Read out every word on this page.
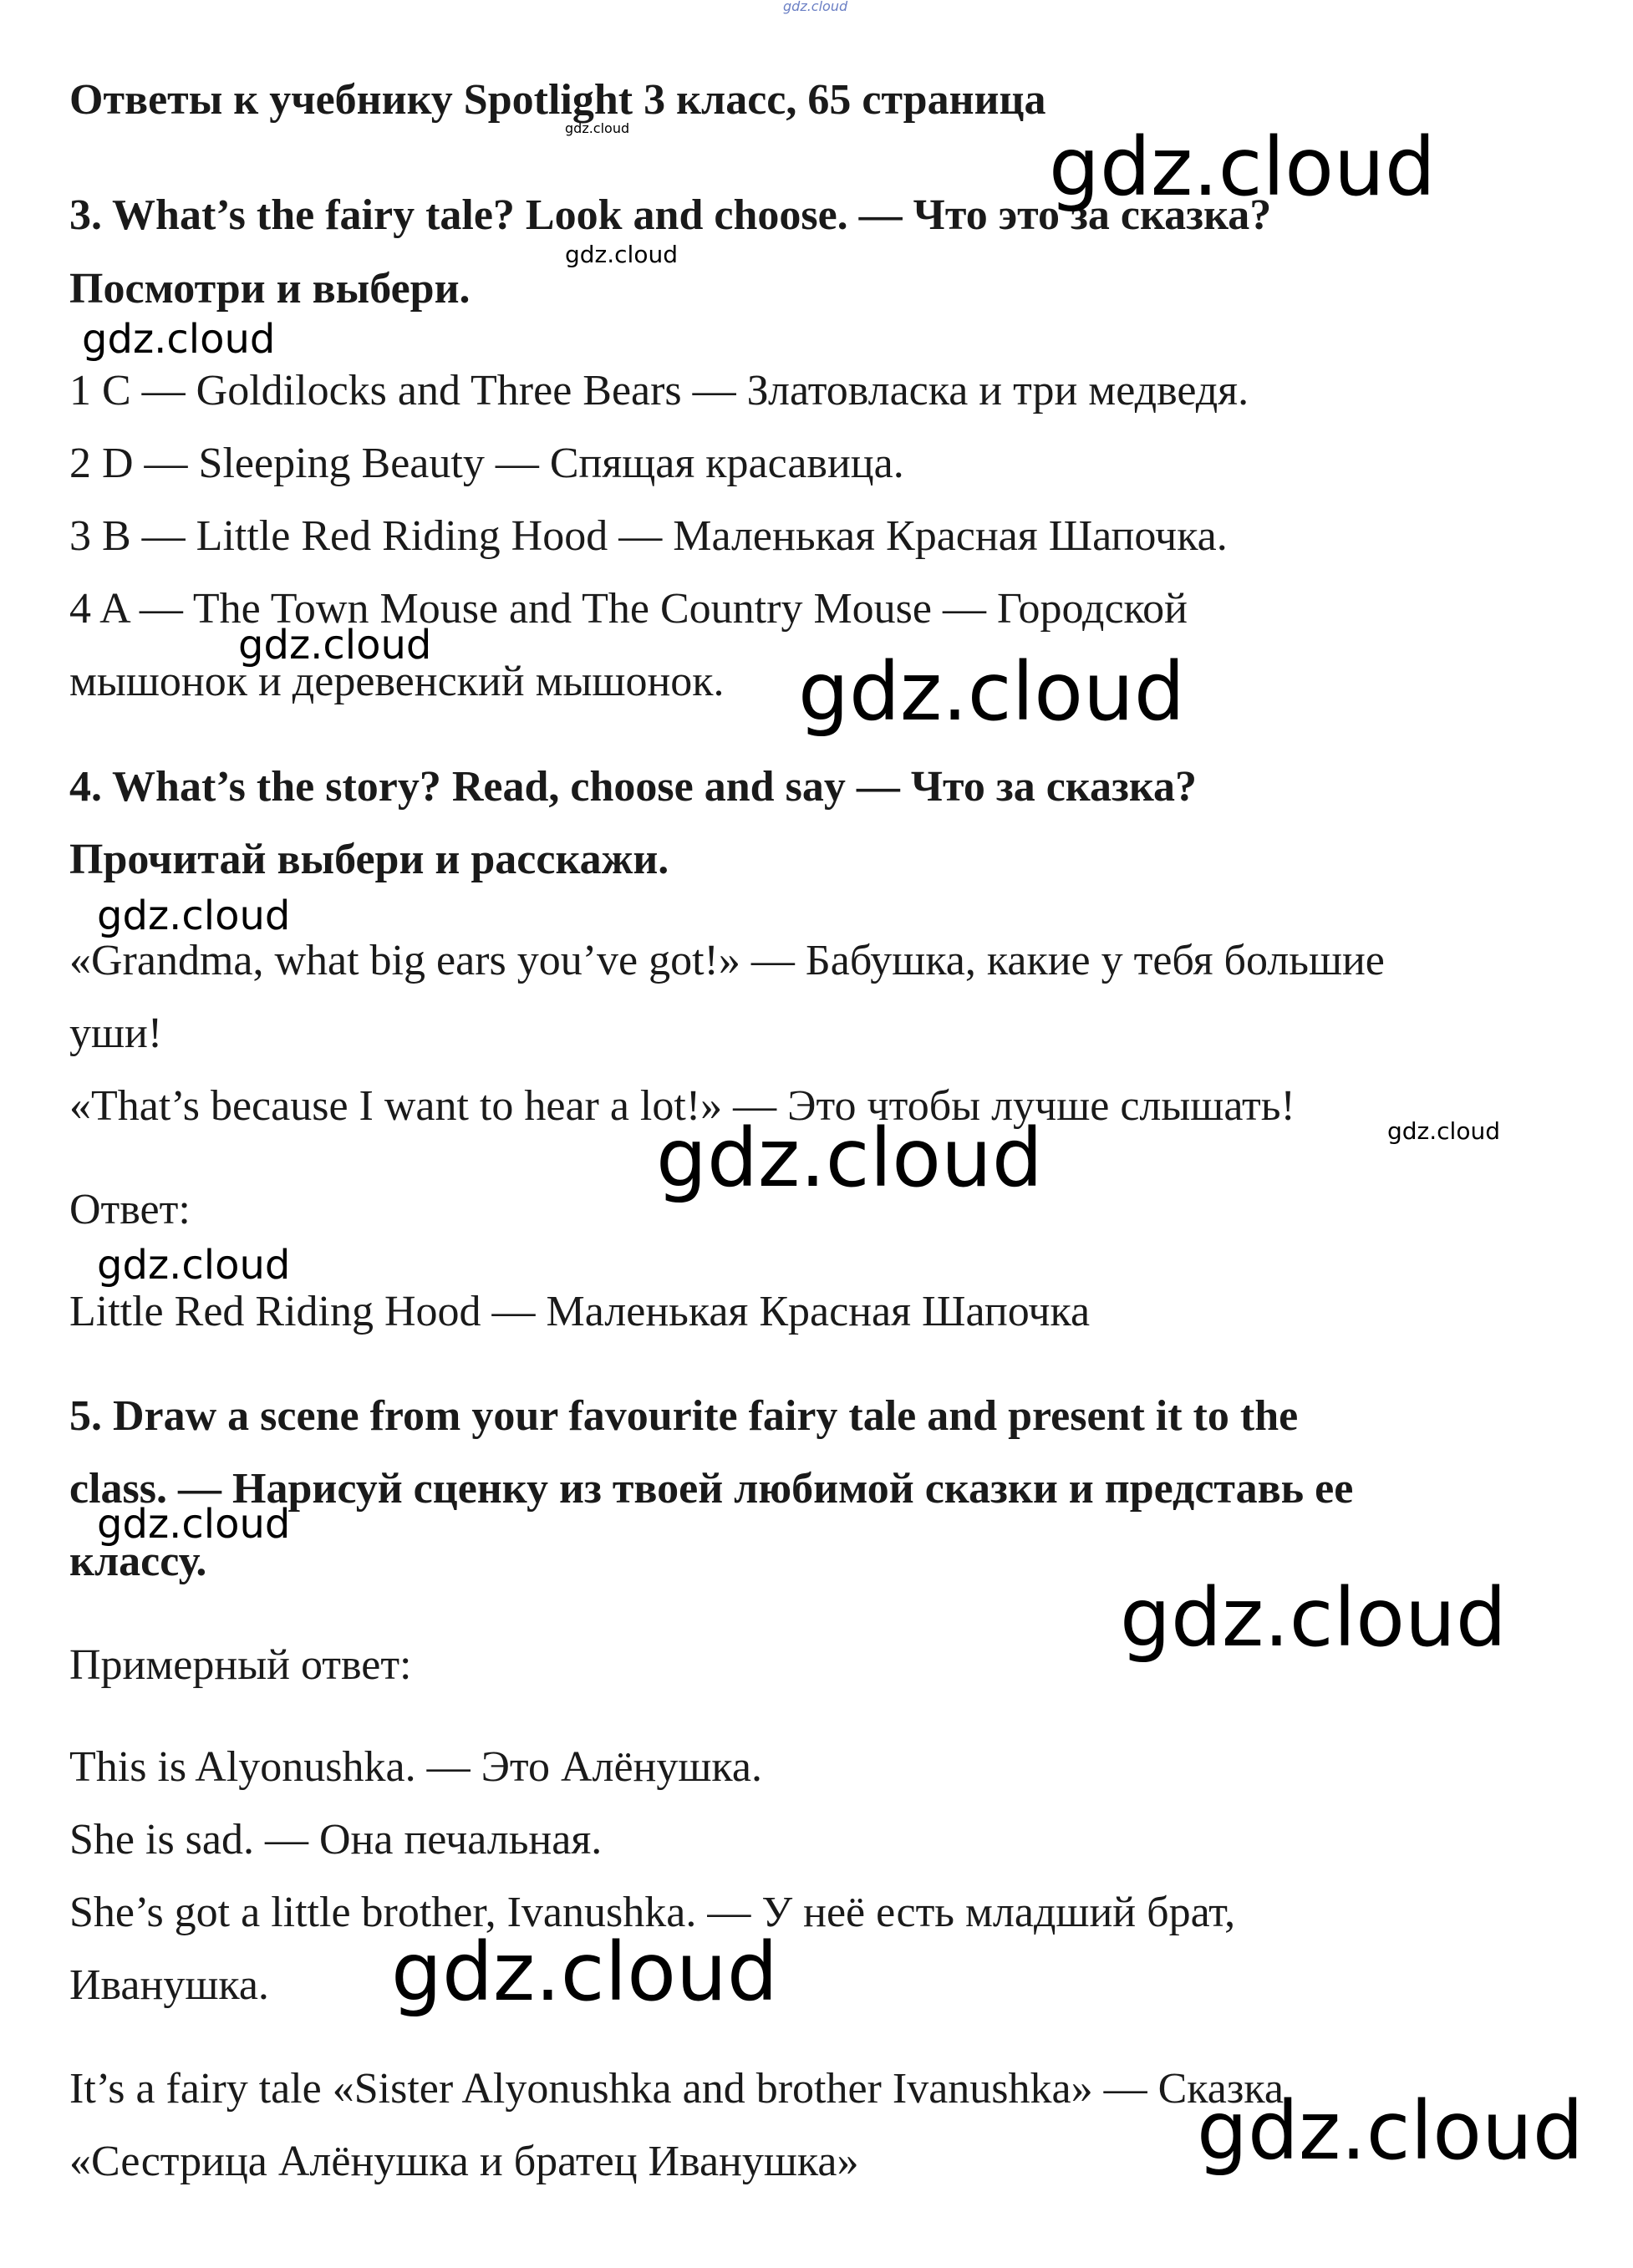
Ответы к учебнику Spotlight 3 класс, 65 страница

3. What’s the fairy tale? Look and choose. — Что это за сказка?

Посмотри и выбери.

1 C — Goldilocks and Three Bears — Златовласка и три медведя.

2 D — Sleeping Beauty — Спящая красавица.

3 B — Little Red Riding Hood — Маленькая Красная Шапочка.

4 A — The Town Mouse and The Country Mouse — Городской

мышонок и деревенский мышонок.

4. What’s the story? Read, choose and say — Что за сказка?

Прочитай выбери и расскажи.

«Grandma, what big ears you’ve got!» — Бабушка, какие у тебя большие

уши!

«That’s because I want to hear a lot!» — Это чтобы лучше слышать!

Ответ:

Little Red Riding Hood — Маленькая Красная Шапочка

5. Draw a scene from your favourite fairy tale and present it to the

class. — Нарисуй сценку из твоей любимой сказки и представь ее

классу.

Примерный ответ:

This is Alyonushka. — Это Алёнушка.

She is sad. — Она печальная.

She’s got a little brother, Ivanushka. — У неё есть младший брат,

Иванушка.

It’s a fairy tale «Sister Alyonushka and brother Ivanushka» — Сказка

«Сестрица Алёнушка и братец Иванушка»

gdz.cloud
gdz.cloud	gdz.cloud
gdz.cloud
gdz.cloud
gdz.cloud	gdz.cloud
gdz.cloud
gdz.cloud	gdz.cloud
gdz.cloud
gdz.cloud
gdz.cloud
gdz.cloud
gdz.cloud
